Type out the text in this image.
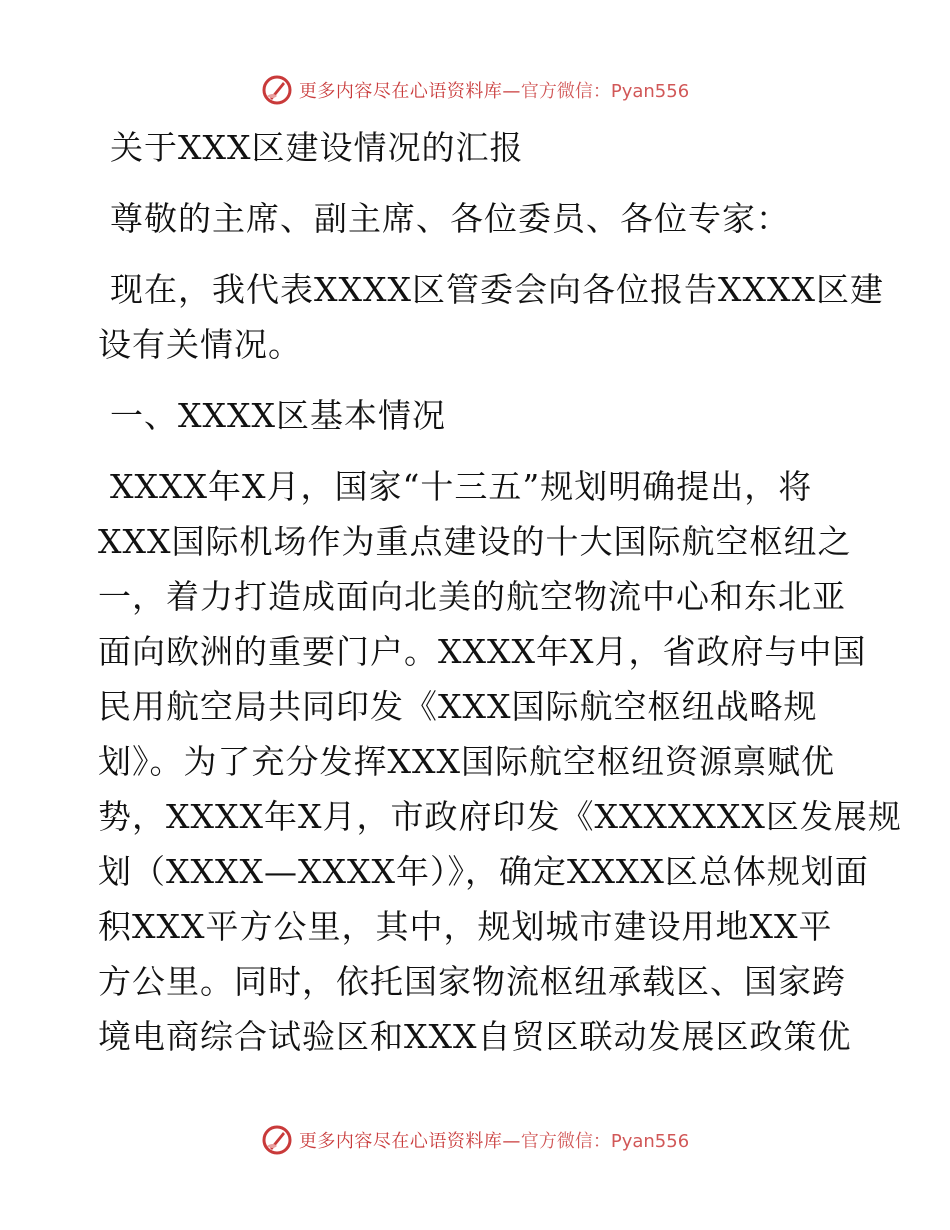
更多内容尽在心语资料库— 官方微信：Pyan556
关于XXX区建设情况的汇报
尊敬的主席、副主席、各位委员、各位专家：
现在，我代表XXXX区管委会向各位报告XXXX区建
设有关情况。
一、XXXX区基本情况
XXXX年X月，国家“十三五”规划明确提出，将
XXX国际机场作为重点建设的十大国际航空枢纽之
一，着力打造成面向北美的航空物流中心和东北亚
面向欧洲的重要门户。XXXX年X月，省政府与中国
民用航空局共同印发《XXX国际航空枢纽战略规
划》。为了充分发挥XXX国际航空枢纽资源禀赋优
势，XXXX年X月，市政府印发《XXXXXXX区发展规
划（XXXX—XXXX年）》，确定XXXX区总体规划面
积XXX平方公里，其中，规划城市建设用地XX平
方公里。同时，依托国家物流枢纽承载区、国家跨
境电商综合试验区和XXX自贸区联动发展区政策优
更多内容尽在心语资料库— 官方微信：Pyan556
